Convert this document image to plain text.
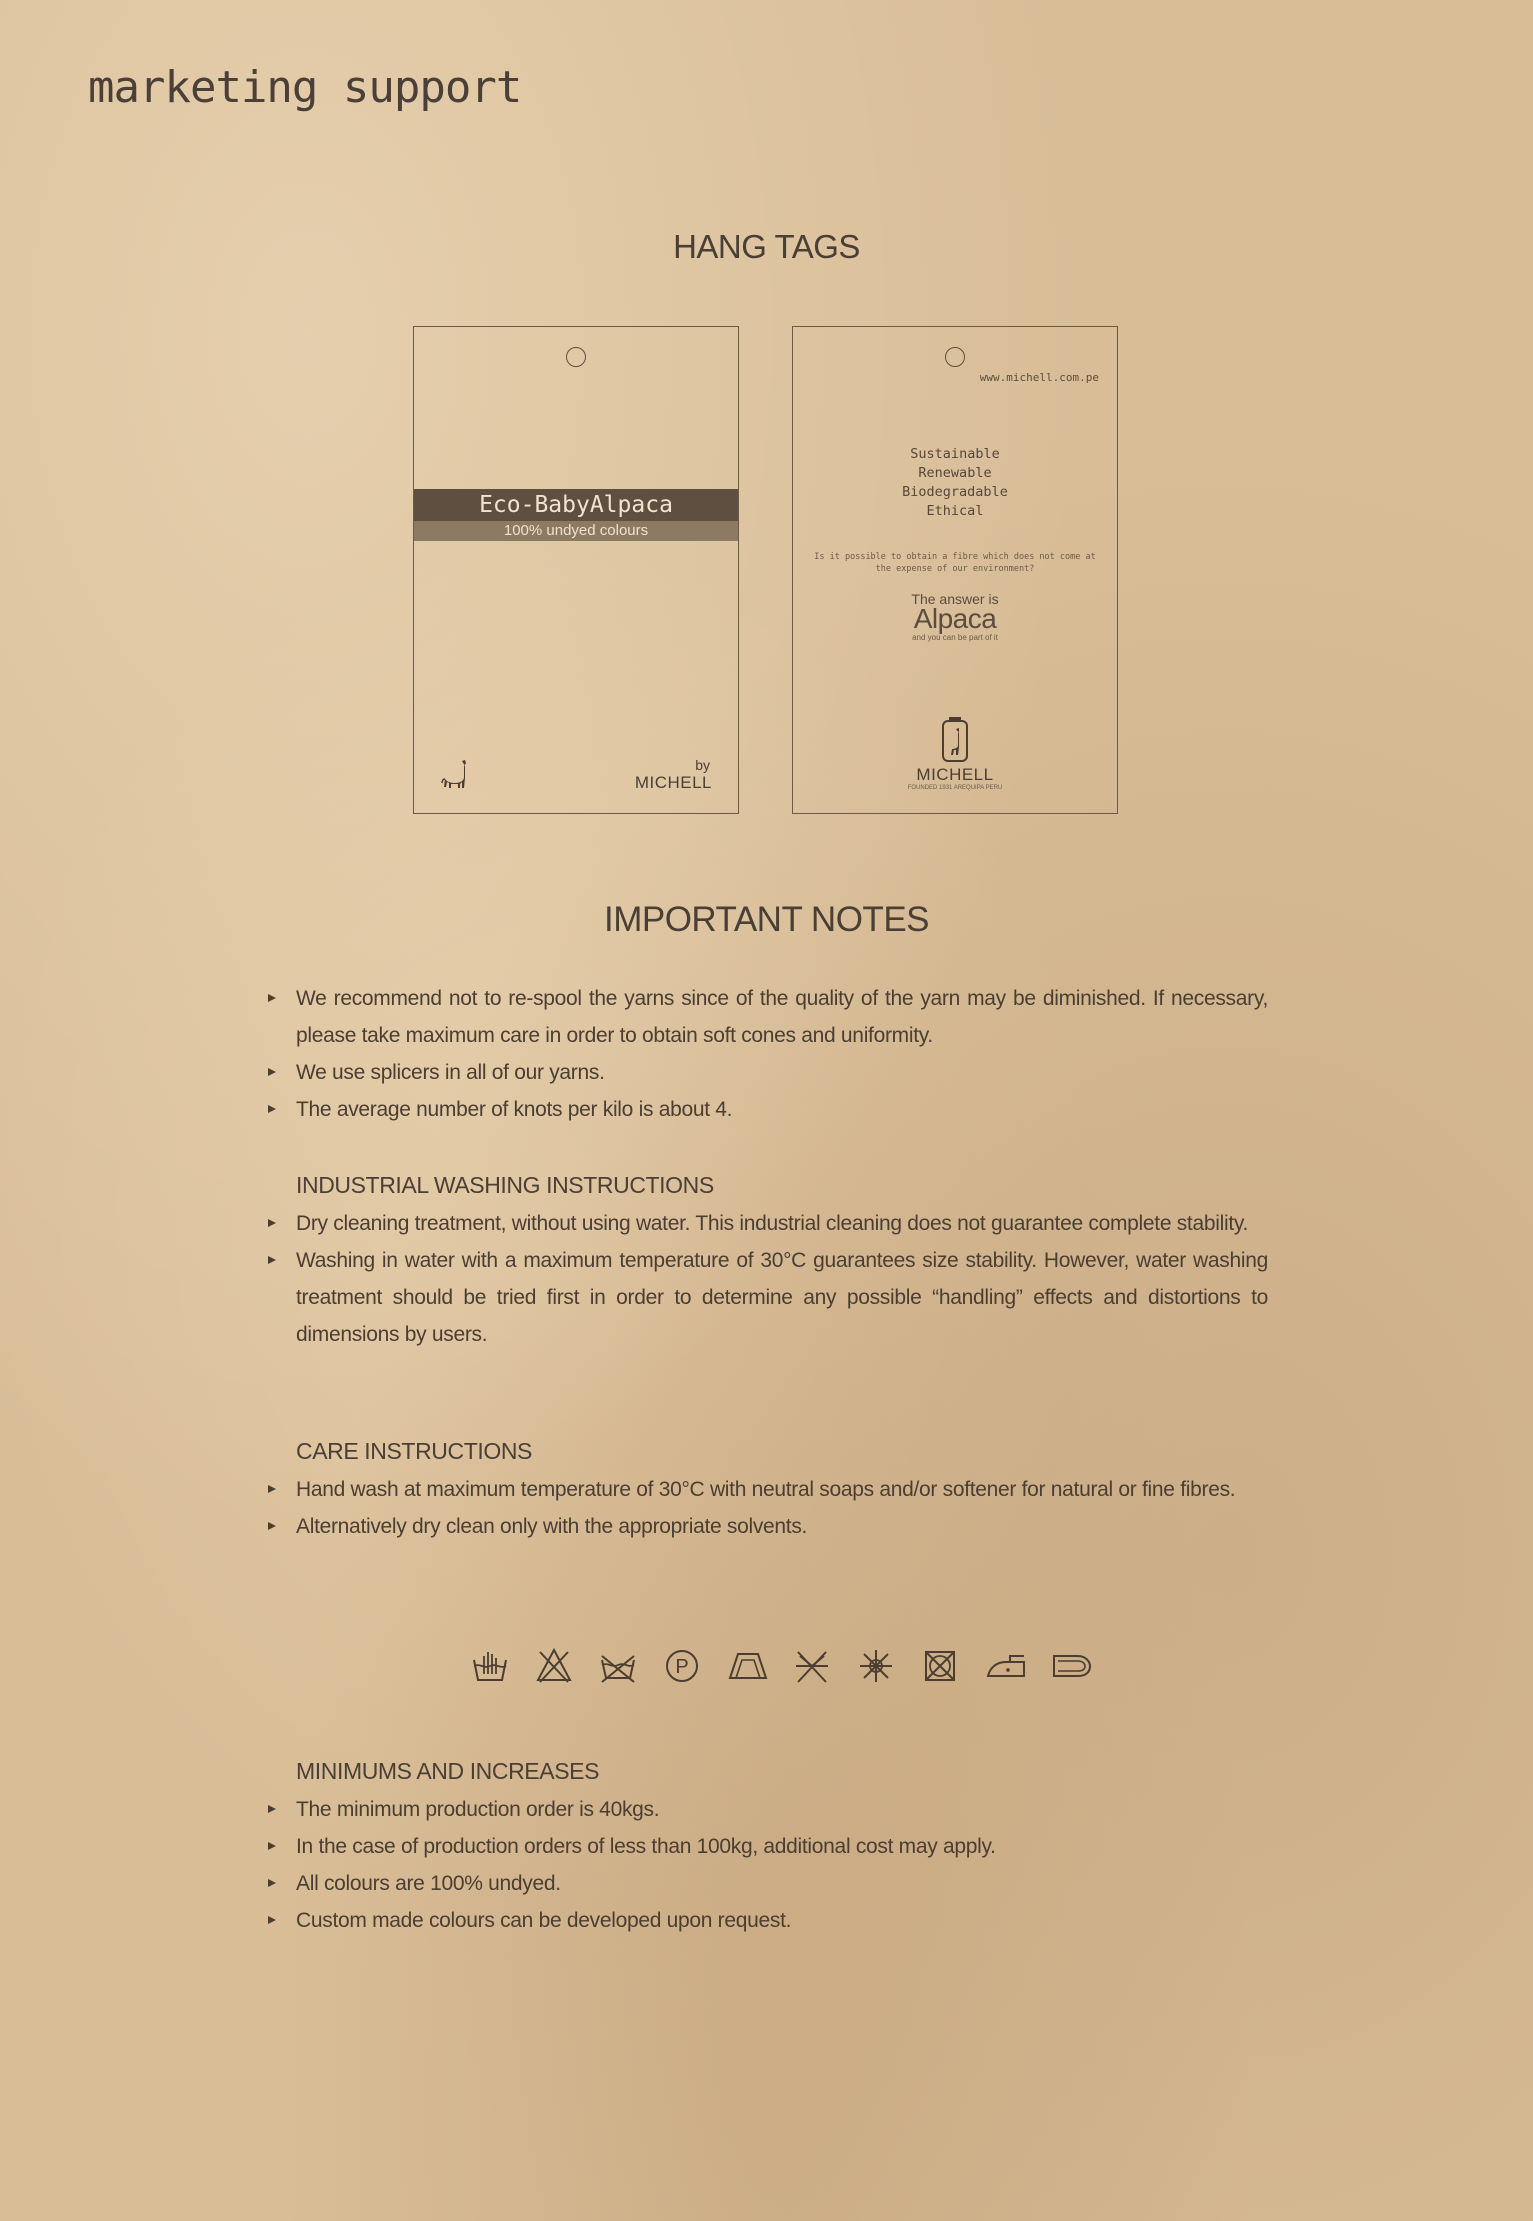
marketing support
HANG TAGS
Eco-BabyAlpaca
100% undyed colours
by
MICHELL
www.michell.com.pe
Sustainable
Renewable
Biodegradable
Ethical
Is it possible to obtain a fibre which does not come at the expense of our environment?
The answer is
Alpaca
and you can be part of it
MICHELL
FOUNDED 1931 AREQUIPA PERU
IMPORTANT NOTES
We recommend not to re-spool the yarns since of the quality of the yarn may be diminished. If necessary, please take maximum care in order to obtain soft cones and uniformity.
We use splicers in all of our yarns.
The average number of knots per kilo is about 4.
INDUSTRIAL WASHING INSTRUCTIONS
Dry cleaning treatment, without using water. This industrial cleaning does not guarantee complete stability.
Washing in water with a maximum temperature of 30°C guarantees size stability. However, water washing treatment should be tried first in order to determine any possible “handling” effects and distortions to dimensions by users.
CARE INSTRUCTIONS
Hand wash at maximum temperature of 30°C with neutral soaps and/or softener for natural or fine fibres.
Alternatively dry clean only with the appropriate solvents.
P
MINIMUMS AND INCREASES
The minimum production order is 40kgs.
In the case of production orders of less than 100kg, additional cost may apply.
All colours are 100% undyed.
Custom made colours can be developed upon request.
